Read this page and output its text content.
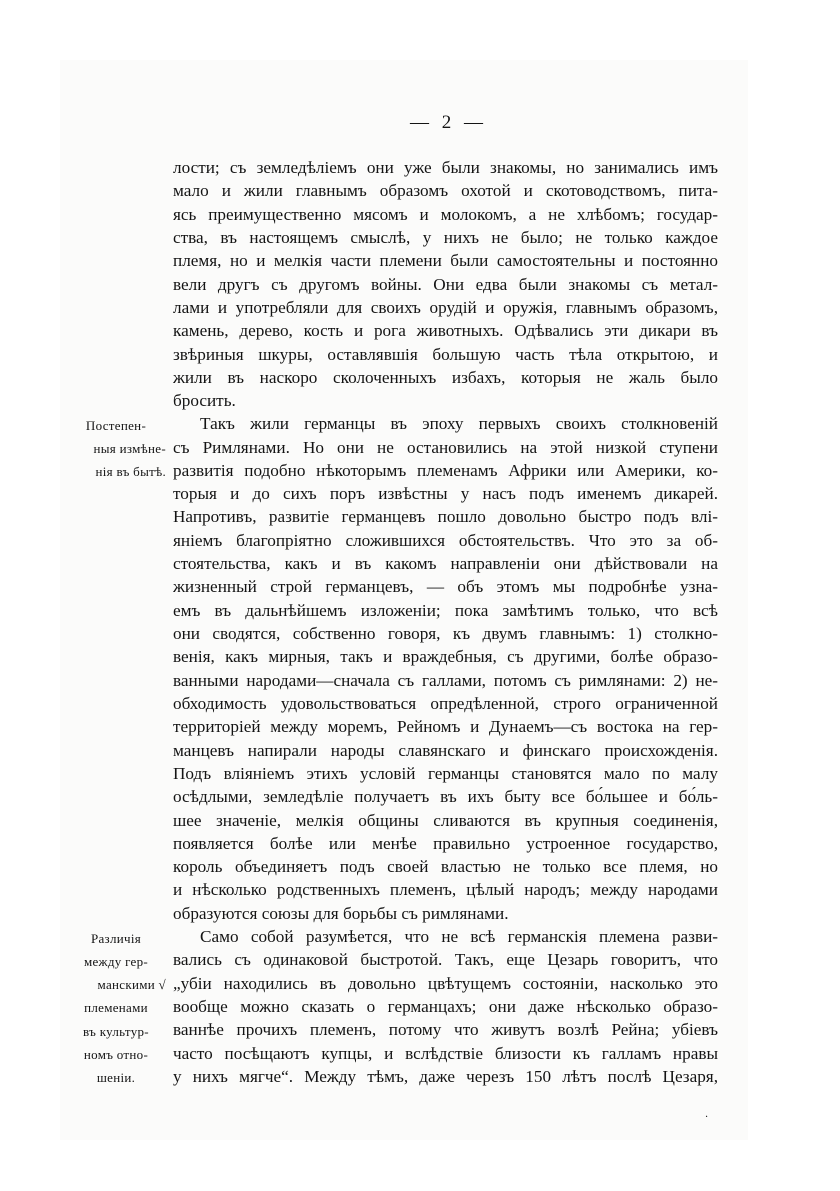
— 2 —
лости; съ земледѣліемъ они уже были знакомы, но занимались имъ
мало и жили главнымъ образомъ охотой и скотоводствомъ, пита-
ясь преимущественно мясомъ и молокомъ, а не хлѣбомъ; государ-
ства, въ настоящемъ смыслѣ, у нихъ не было; не только каждое
племя, но и мелкія части племени были самостоятельны и постоянно
вели другъ съ другомъ войны. Они едва были знакомы съ метал-
лами и употребляли для своихъ орудій и оружія, главнымъ образомъ,
камень, дерево, кость и рога животныхъ. Одѣвались эти дикари въ
звѣриныя шкуры, оставлявшія большую часть тѣла открытою, и
жили въ наскоро сколоченныхъ избахъ, которыя не жаль было
бросить.
Такъ жили германцы въ эпоху первыхъ своихъ столкновеній
съ Римлянами. Но они не остановились на этой низкой ступени
развитія подобно нѣкоторымъ племенамъ Африки или Америки, ко-
торыя и до сихъ поръ извѣстны у насъ подъ именемъ дикарей.
Напротивъ, развитіе германцевъ пошло довольно быстро подъ влі-
яніемъ благопріятно сложившихся обстоятельствъ. Что это за об-
стоятельства, какъ и въ какомъ направленіи они дѣйствовали на
жизненный строй германцевъ, — объ этомъ мы подробнѣе узна-
емъ въ дальнѣйшемъ изложеніи; пока замѣтимъ только, что всѣ
они сводятся, собственно говоря, къ двумъ главнымъ: 1) столкно-
венія, какъ мирныя, такъ и враждебныя, съ другими, болѣе образо-
ванными народами—сначала съ галлами, потомъ съ римлянами: 2) не-
обходимость удовольствоваться опредѣленной, строго ограниченной
территоріей между моремъ, Рейномъ и Дунаемъ—съ востока на гер-
манцевъ напирали народы славянскаго и финскаго происхожденія.
Подъ вліяніемъ этихъ условій германцы становятся мало по малу
осѣдлыми, земледѣліе получаетъ въ ихъ быту все бо́льшее и бо́ль-
шее значеніе, мелкія общины сливаются въ крупныя соединенія,
появляется болѣе или менѣе правильно устроенное государство,
король объединяетъ подъ своей властью не только все племя, но
и нѣсколько родственныхъ племенъ, цѣлый народъ; между народами
образуются союзы для борьбы съ римлянами.
Само собой разумѣется, что не всѣ германскія племена разви-
вались съ одинаковой быстротой. Такъ, еще Цезарь говоритъ, что
„убіи находились въ довольно цвѣтущемъ состояніи, насколько это
вообще можно сказать о германцахъ; они даже нѣсколько образо-
ваннѣе прочихъ племенъ, потому что живутъ возлѣ Рейна; убіевъ
часто посѣщаютъ купцы, и вслѣдствіе близости къ галламъ нравы
у нихъ мягче“. Между тѣмъ, даже черезъ 150 лѣтъ послѣ Цезаря,
Постепен-
ныя измѣне-
нія въ бытѣ.
Различія
между гер-
манскими √
племенами
въ культур-
номъ отно-
шеніи.
·
